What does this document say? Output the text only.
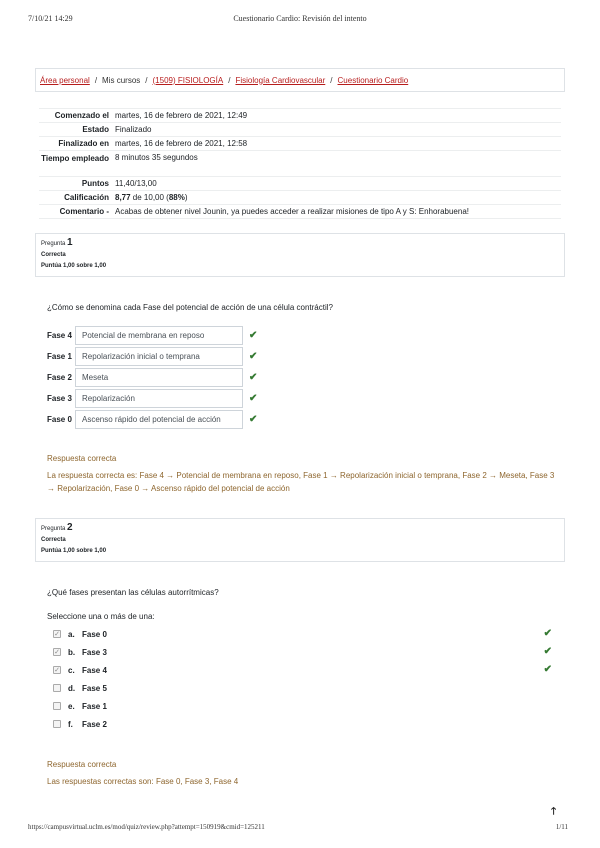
7/10/21 14:29	Cuestionario Cardio: Revisión del intento
Área personal / Mis cursos / (1509) FISIOLOGÍA / Fisiología Cardiovascular / Cuestionario Cardio
Comenzado el martes, 16 de febrero de 2021, 12:49
Estado Finalizado
Finalizado en martes, 16 de febrero de 2021, 12:58
Tiempo empleado 8 minutos 35 segundos
Puntos 11,40/13,00
Calificación 8,77 de 10,00 (88%)
Comentario - Acabas de obtener nivel Jounin, ya puedes acceder a realizar misiones de tipo A y S: Enhorabuena!
Pregunta 1
Correcta
Puntúa 1,00 sobre 1,00
¿Cómo se denomina cada Fase del potencial de acción de una célula contráctil?
Fase 4	Potencial de membrana en reposo	✔
Fase 1	Repolarización inicial o temprana	✔
Fase 2	Meseta	✔
Fase 3	Repolarización	✔
Fase 0	Ascenso rápido del potencial de acción	✔
Respuesta correcta
La respuesta correcta es: Fase 4 → Potencial de membrana en reposo, Fase 1 → Repolarización inicial o temprana, Fase 2 → Meseta, Fase 3 → Repolarización, Fase 0 → Ascenso rápido del potencial de acción
Pregunta 2
Correcta
Puntúa 1,00 sobre 1,00
¿Qué fases presentan las células autorrítmicas?
Seleccione una o más de una:
✓ a. Fase 0	✔
✓ b. Fase 3	✔
✓ c. Fase 4	✔
d. Fase 5
e. Fase 1
f.	Fase 2
Respuesta correcta
Las respuestas correctas son: Fase 0, Fase 3, Fase 4
🡑
https://campusvirtual.uclm.es/mod/quiz/review.php?attempt=150919&cmid=125211	1/11
